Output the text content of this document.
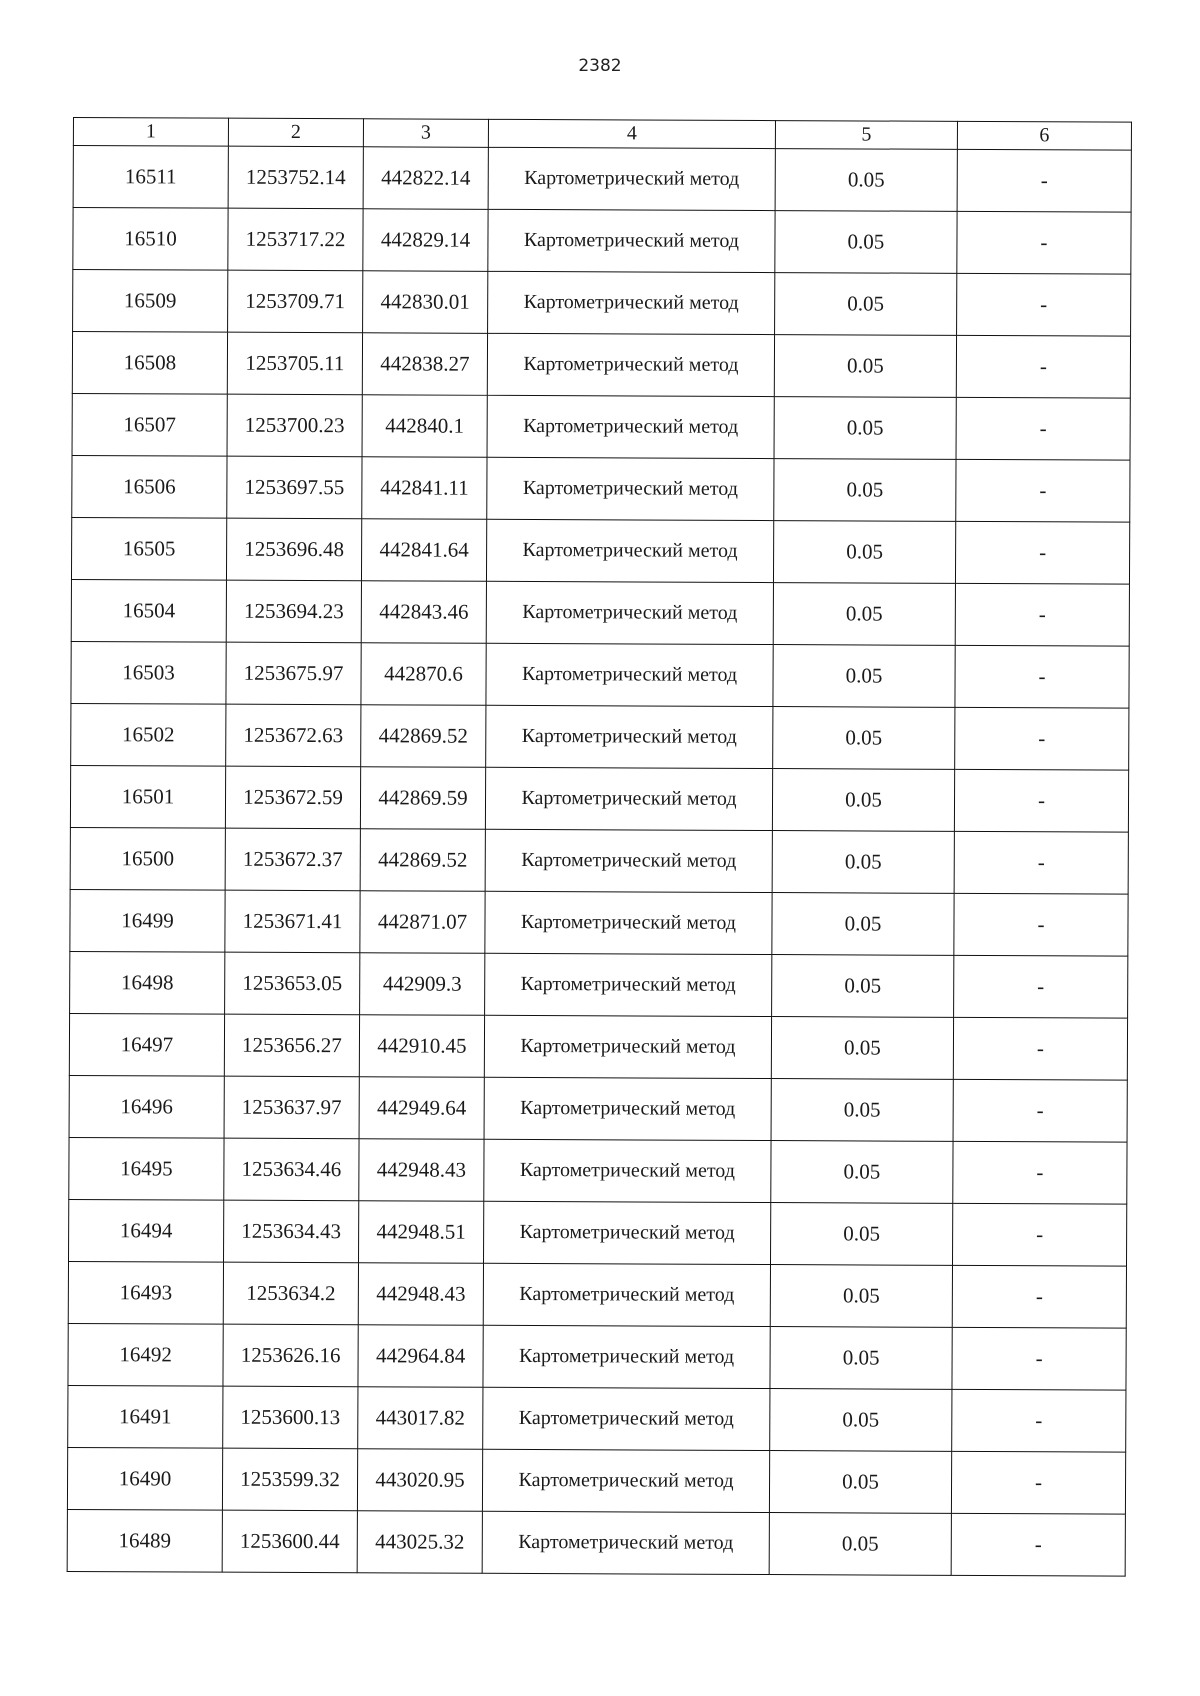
2382
1	2	3	4	5	6
16511	1253752.14	442822.14	Картометрический метод	0.05	-
16510	1253717.22	442829.14	Картометрический метод	0.05	-
16509	1253709.71	442830.01	Картометрический метод	0.05	-
16508	1253705.11	442838.27	Картометрический метод	0.05	-
16507	1253700.23	442840.1	Картометрический метод	0.05	-
16506	1253697.55	442841.11	Картометрический метод	0.05	-
16505	1253696.48	442841.64	Картометрический метод	0.05	-
16504	1253694.23	442843.46	Картометрический метод	0.05	-
16503	1253675.97	442870.6	Картометрический метод	0.05	-
16502	1253672.63	442869.52	Картометрический метод	0.05	-
16501	1253672.59	442869.59	Картометрический метод	0.05	-
16500	1253672.37	442869.52	Картометрический метод	0.05	-
16499	1253671.41	442871.07	Картометрический метод	0.05	-
16498	1253653.05	442909.3	Картометрический метод	0.05	-
16497	1253656.27	442910.45	Картометрический метод	0.05	-
16496	1253637.97	442949.64	Картометрический метод	0.05	-
16495	1253634.46	442948.43	Картометрический метод	0.05	-
16494	1253634.43	442948.51	Картометрический метод	0.05	-
16493	1253634.2	442948.43	Картометрический метод	0.05	-
16492	1253626.16	442964.84	Картометрический метод	0.05	-
16491	1253600.13	443017.82	Картометрический метод	0.05	-
16490	1253599.32	443020.95	Картометрический метод	0.05	-
16489	1253600.44	443025.32	Картометрический метод	0.05	-
